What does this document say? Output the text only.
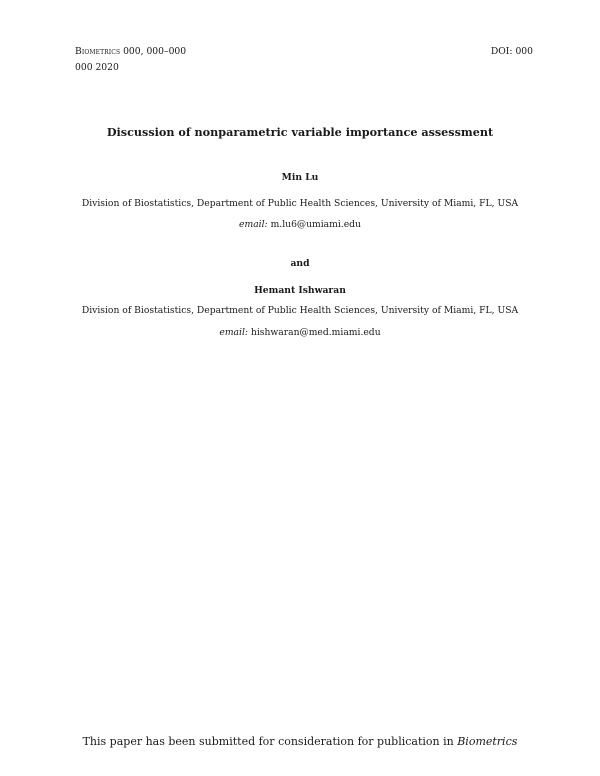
Biometrics 000, 000–000
000 2020
DOI: 000
Discussion of nonparametric variable importance assessment
Min Lu
Division of Biostatistics, Department of Public Health Sciences, University of Miami, FL, USA
email: m.lu6@umiami.edu
and
Hemant Ishwaran
Division of Biostatistics, Department of Public Health Sciences, University of Miami, FL, USA
email: hishwaran@med.miami.edu
This paper has been submitted for consideration for publication in Biometrics
